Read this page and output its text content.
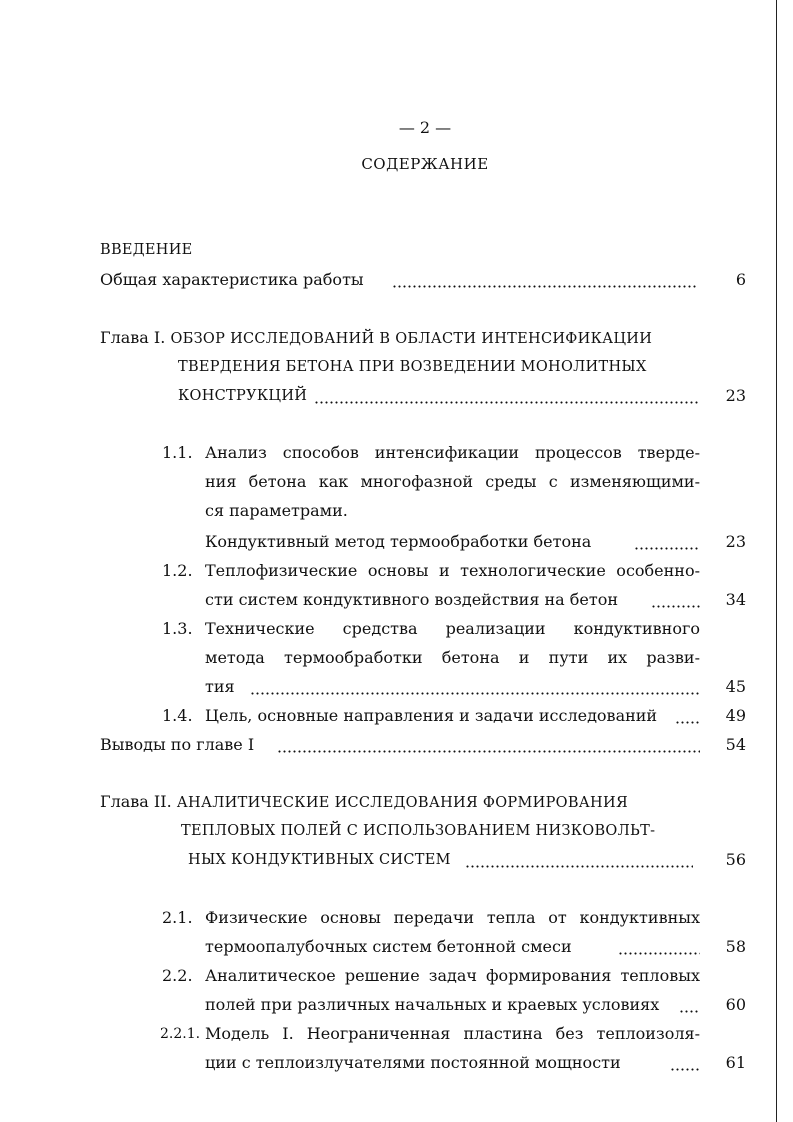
— 2 —
СОДЕРЖАНИЕ
ВВЕДЕНИЕ
Общая характеристика работы	6
Глава I. ОБЗОР ИССЛЕДОВАНИЙ В ОБЛАСТИ ИНТЕНСИФИКАЦИИ
ТВЕРДЕНИЯ БЕТОНА ПРИ ВОЗВЕДЕНИИ МОНОЛИТНЫХ
КОНСТРУКЦИЙ	23
1.1. Анализ способов интенсификации процессов тверде-
ния бетона как многофазной среды с изменяющими-
ся параметрами.
Кондуктивный метод термообработки бетона	23
1.2. Теплофизические основы и технологические особенно-
сти систем кондуктивного воздействия на бетон	34
1.3. Технические средства реализации кондуктивного
метода термообработки бетона и пути их разви-
тия	45
1.4. Цель, основные направления и задачи исследований	49
Выводы по главе I	54
Глава II. АНАЛИТИЧЕСКИЕ ИССЛЕДОВАНИЯ ФОРМИРОВАНИЯ
ТЕПЛОВЫХ ПОЛЕЙ С ИСПОЛЬЗОВАНИЕМ НИЗКОВОЛЬТ-
НЫХ КОНДУКТИВНЫХ СИСТЕМ	56
2.1. Физические основы передачи тепла от кондуктивных
термоопалубочных систем бетонной смеси	58
2.2. Аналитическое решение задач формирования тепловых
полей при различных начальных и краевых условиях	60
2.2.1. Модель I. Неограниченная пластина без теплоизоля-
ции с теплоизлучателями постоянной мощности	61
